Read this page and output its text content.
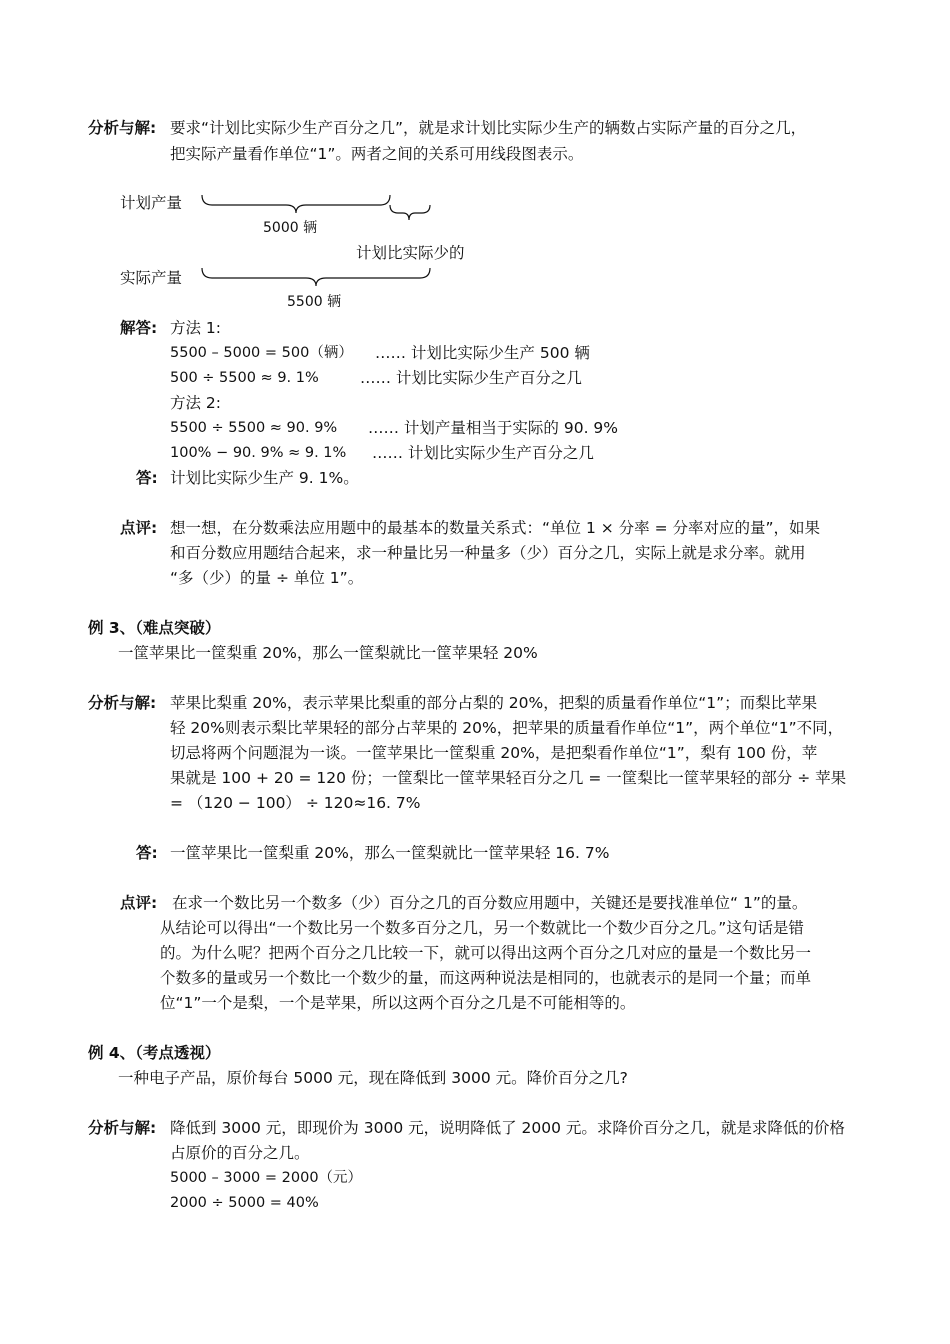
分析与解: 要求“计划比实际少生产百分之几”，就是求计划比实际少生产的辆数占实际产量的百分之几，
把实际产量看作单位“1”。两者之间的关系可用线段图表示。
计划产量
5000 辆
计划比实际少的
实际产量
5500 辆
解答: 方法 1:
5500 – 5000 = 500（辆） …… 计划比实际少生产 500 辆
500 ÷ 5500 ≈ 9. 1%	…… 计划比实际少生产百分之几
方法 2:
5500 ÷ 5500 ≈ 90. 9% …… 计划产量相当于实际的 90. 9%
100% − 90. 9% ≈ 9. 1% …… 计划比实际少生产百分之几
答: 计划比实际少生产 9. 1%。
点评: 想一想，在分数乘法应用题中的最基本的数量关系式：“单位 1 × 分率 = 分率对应的量”，如果
和百分数应用题结合起来，求一种量比另一种量多（少）百分之几，实际上就是求分率。就用
“多（少）的量 ÷ 单位 1”。
例 3、（难点突破）
一筐苹果比一筐梨重 20%，那么一筐梨就比一筐苹果轻 20%
分析与解: 苹果比梨重 20%，表示苹果比梨重的部分占梨的 20%，把梨的质量看作单位“1”；而梨比苹果
轻 20%则表示梨比苹果轻的部分占苹果的 20%，把苹果的质量看作单位“1”，两个单位“1”不同，
切忌将两个问题混为一谈。一筐苹果比一筐梨重 20%，是把梨看作单位“1”，梨有 100 份，苹
果就是 100 + 20 = 120 份；一筐梨比一筐苹果轻百分之几 = 一筐梨比一筐苹果轻的部分 ÷ 苹果
= （120 − 100） ÷ 120≈16. 7%
答: 一筐苹果比一筐梨重 20%，那么一筐梨就比一筐苹果轻 16. 7%
点评: 在求一个数比另一个数多（少）百分之几的百分数应用题中，关键还是要找准单位“ 1”的量。
从结论可以得出“一个数比另一个数多百分之几，另一个数就比一个数少百分之几。”这句话是错
的。为什么呢？把两个百分之几比较一下，就可以得出这两个百分之几对应的量是一个数比另一
个数多的量或另一个数比一个数少的量，而这两种说法是相同的，也就表示的是同一个量；而单
位“1”一个是梨，一个是苹果，所以这两个百分之几是不可能相等的。
例 4、（考点透视）
一种电子产品，原价每台 5000 元，现在降低到 3000 元。降价百分之几?
分析与解: 降低到 3000 元，即现价为 3000 元，说明降低了 2000 元。求降价百分之几，就是求降低的价格
占原价的百分之几。
5000 – 3000 = 2000（元）
2000 ÷ 5000 = 40%
